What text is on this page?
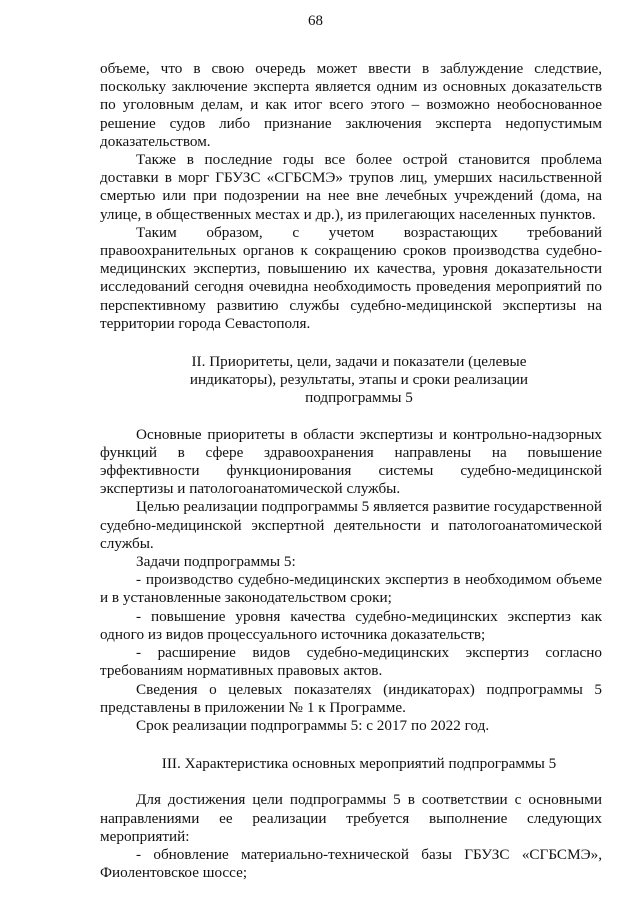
68

объеме, что в свою очередь может ввести в заблуждение следствие, поскольку заключение эксперта является одним из основных доказательств по уголовным делам, и как итог всего этого – возможно необоснованное решение судов либо признание заключения эксперта недопустимым доказательством.

Также в последние годы все более острой становится проблема доставки в морг ГБУЗС «СГБСМЭ» трупов лиц, умерших насильственной смертью или при подозрении на нее вне лечебных учреждений (дома, на улице, в общественных местах и др.), из прилегающих населенных пунктов.

Таким образом, с учетом возрастающих требований правоохранительных органов к сокращению сроков производства судебно-медицинских экспертиз, повышению их качества, уровня доказательности исследований сегодня очевидна необходимость проведения мероприятий по перспективному развитию службы судебно-медицинской экспертизы на территории города Севастополя.

II. Приоритеты, цели, задачи и показатели (целевые индикаторы), результаты, этапы и сроки реализации подпрограммы 5

Основные приоритеты в области экспертизы и контрольно-надзорных функций в сфере здравоохранения направлены на повышение эффективности функционирования системы судебно-медицинской экспертизы и патологоанатомической службы.

Целью реализации подпрограммы 5 является развитие государственной судебно-медицинской экспертной деятельности и патологоанатомической службы.

Задачи подпрограммы 5:

- производство судебно-медицинских экспертиз в необходимом объеме и в установленные законодательством сроки;

- повышение уровня качества судебно-медицинских экспертиз как одного из видов процессуального источника доказательств;

- расширение видов судебно-медицинских экспертиз согласно требованиям нормативных правовых актов.

Сведения о целевых показателях (индикаторах) подпрограммы 5 представлены в приложении № 1 к Программе.

Срок реализации подпрограммы 5: с 2017 по 2022 год.

III. Характеристика основных мероприятий подпрограммы 5

Для достижения цели подпрограммы 5 в соответствии с основными направлениями ее реализации требуется выполнение следующих мероприятий:

- обновление материально-технической базы ГБУЗС «СГБСМЭ», Фиолентовское шоссе;
